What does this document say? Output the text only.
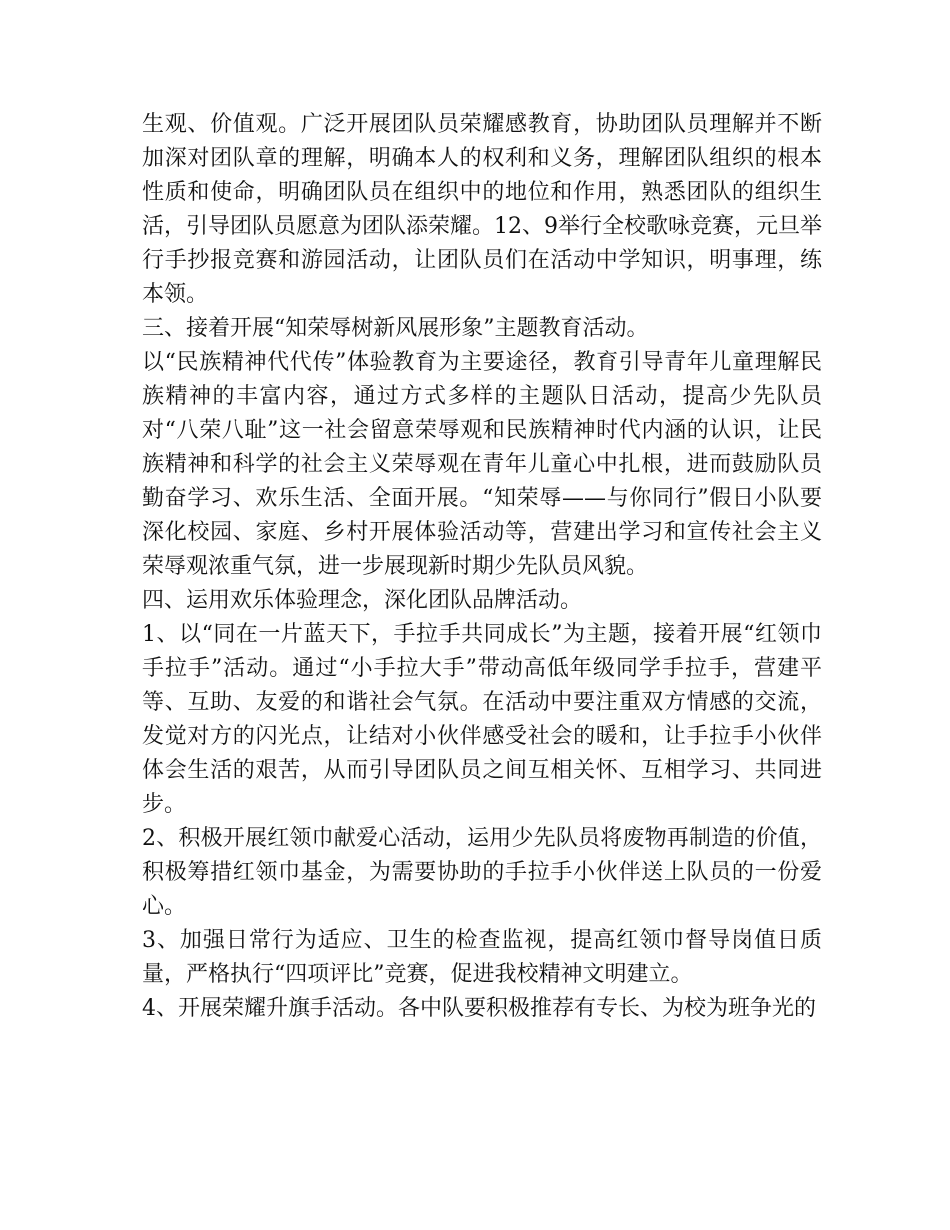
生观、价值观。广泛开展团队员荣耀感教育，协助团队员理解并不断加深对团队章的理解，明确本人的权利和义务，理解团队组织的根本性质和使命，明确团队员在组织中的地位和作用，熟悉团队的组织生活，引导团队员愿意为团队添荣耀。12、9举行全校歌咏竞赛，元旦举行手抄报竞赛和游园活动，让团队员们在活动中学知识，明事理，练本领。

三、接着开展“知荣辱树新风展形象”主题教育活动。

以“民族精神代代传”体验教育为主要途径，教育引导青年儿童理解民族精神的丰富内容，通过方式多样的主题队日活动，提高少先队员对“八荣八耻”这一社会留意荣辱观和民族精神时代内涵的认识，让民族精神和科学的社会主义荣辱观在青年儿童心中扎根，进而鼓励队员勤奋学习、欢乐生活、全面开展。“知荣辱——与你同行”假日小队要深化校园、家庭、乡村开展体验活动等，营建出学习和宣传社会主义荣辱观浓重气氛，进一步展现新时期少先队员风貌。

四、运用欢乐体验理念，深化团队品牌活动。

1、以“同在一片蓝天下，手拉手共同成长”为主题，接着开展“红领巾手拉手”活动。通过“小手拉大手”带动高低年级同学手拉手，营建平等、互助、友爱的和谐社会气氛。在活动中要注重双方情感的交流，发觉对方的闪光点，让结对小伙伴感受社会的暖和，让手拉手小伙伴体会生活的艰苦，从而引导团队员之间互相关怀、互相学习、共同进步。

2、积极开展红领巾献爱心活动，运用少先队员将废物再制造的价值，积极筹措红领巾基金，为需要协助的手拉手小伙伴送上队员的一份爱心。

3、加强日常行为适应、卫生的检查监视，提高红领巾督导岗值日质量，严格执行“四项评比”竞赛，促进我校精神文明建立。

4、开展荣耀升旗手活动。各中队要积极推荐有专长、为校为班争光的
